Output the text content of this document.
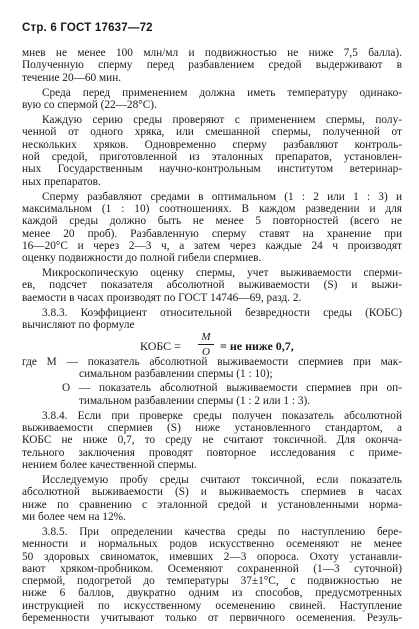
Стр. 6 ГОСТ 17637—72
мнев не менее 100 млн/мл и подвижностью не ниже 7,5 балла).
Полученную сперму перед разбавлением средой выдерживают в
течение 20—60 мин.
Среда перед применением должна иметь температуру одинако-
вую со спермой (22—28°C).
Каждую серию среды проверяют с применением спермы, полу-
ченной от одного хряка, или смешанной спермы, полученной от
нескольких хряков. Одновременно сперму разбавляют контроль-
ной средой, приготовленной из эталонных препаратов, установлен-
ных Государственным научно-контрольным институтом ветеринар-
ных препаратов.
Сперму разбавляют средами в оптимальном (1 : 2 или 1 : 3) и
максимальном (1 : 10) соотношениях. В каждом разведении и для
каждой среды должно быть не менее 5 повторностей (всего не
менее 20 проб). Разбавленную сперму ставят на хранение при
16—20°C и через 2—3 ч, а затем через каждые 24 ч производят
оценку подвижности до полной гибели спермиев.
Микроскопическую оценку спермы, учет выживаемости сперми-
ев, подсчет показателя абсолютной выживаемости (S) и выжи-
ваемости в часах производят по ГОСТ 14746—69, разд. 2.
3.8.3. Коэффициент относительной безвредности среды (КОБС)
вычисляют по формуле
где M — показатель абсолютной выживаемости спермиев при мак-
симальном разбавлении спермы (1 : 10);
O — показатель абсолютной выживаемости спермиев при оп-
тимальном разбавлении спермы (1 : 2 или 1 : 3).
3.8.4. Если при проверке среды получен показатель абсолютной
выживаемости спермиев (S) ниже установленного стандартом, а
КОБС не ниже 0,7, то среду не считают токсичной. Для оконча-
тельного заключения проводят повторное исследования с приме-
нением более качественной спермы.
Исследуемую пробу среды считают токсичной, если показатель
абсолютной выживаемости (S) и выживаемость спермиев в часах
ниже по сравнению с эталонной средой и установленными норма-
ми более чем на 12%.
3.8.5. При определении качества среды по наступлению бере-
менности и нормальных родов искусственно осеменяют не менее
50 здоровых свиноматок, имевших 2—3 опороса. Охоту устанавли-
вают хряком-пробником. Осеменяют сохраненной (1—3 суточной)
спермой, подогретой до температуры 37±1°C, с подвижностью не
ниже 6 баллов, двукратно одним из способов, предусмотренных
инструкцией по искусственному осеменению свиней. Наступление
беременности учитывают только от первичного осеменения. Резуль-
КОБС =
M
O = не ниже 0,7,
